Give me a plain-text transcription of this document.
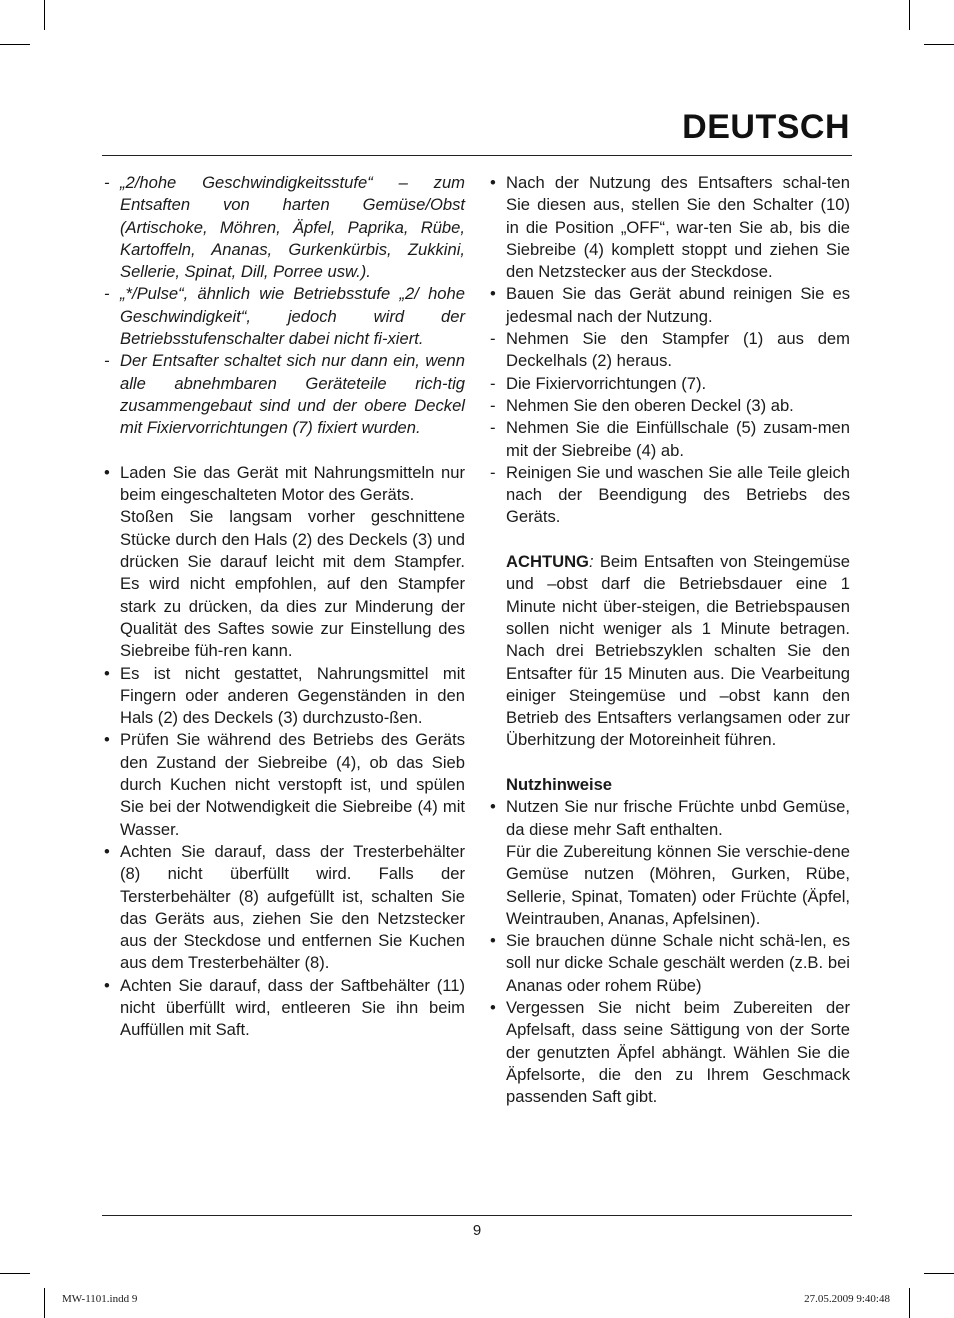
DEUTSCH
- „2/hohe Geschwindigkeitsstufe“ – zum Entsaften von harten Gemüse/Obst (Artischoke, Möhren, Äpfel, Paprika, Rübe, Kartoffeln, Ananas, Gurkenkürbis, Zukkini, Sellerie, Spinat, Dill, Porree usw.).

- „*/Pulse“, ähnlich wie Betriebsstufe „2/ hohe Geschwindigkeit“, jedoch wird der Betriebsstufenschalter dabei nicht fi-xiert.

- Der Entsafter schaltet sich nur dann ein, wenn alle abnehmbaren Geräteteile rich-tig zusammengebaut sind und der obere Deckel mit Fixiervorrichtungen (7) fixiert wurden.

• Laden Sie das Gerät mit Nahrungsmitteln nur beim eingeschalteten Motor des Geräts.

Stoßen Sie langsam vorher geschnittene Stücke durch den Hals (2) des Deckels (3) und drücken Sie darauf leicht mit dem Stampfer. Es wird nicht empfohlen, auf den Stampfer stark zu drücken, da dies zur Minderung der Qualität des Saftes sowie zur Einstellung des Siebreibe füh-ren kann.

• Es ist nicht gestattet, Nahrungsmittel mit Fingern oder anderen Gegenständen in den Hals (2) des Deckels (3) durchzusto-ßen.

• Prüfen Sie während des Betriebs des Geräts den Zustand der Siebreibe (4), ob das Sieb durch Kuchen nicht verstopft ist, und spülen Sie bei der Notwendigkeit die Siebreibe (4) mit Wasser.

• Achten Sie darauf, dass der Tresterbehälter (8) nicht überfüllt wird. Falls der Tersterbehälter (8) aufgefüllt ist, schalten Sie das Geräts aus, ziehen Sie den Netzstecker aus der Steckdose und entfernen Sie Kuchen aus dem Tresterbehälter (8).

• Achten Sie darauf, dass der Saftbehälter (11) nicht überfüllt wird, entleeren Sie ihn beim Auffüllen mit Saft.

• Nach der Nutzung des Entsafters schal-ten Sie diesen aus, stellen Sie den Schalter (10) in die Position „OFF“, war-ten Sie ab, bis die Siebreibe (4) komplett stoppt und ziehen Sie den Netzstecker aus der Steckdose.

• Bauen Sie das Gerät abund reinigen Sie es jedesmal nach der Nutzung.

- Nehmen Sie den Stampfer (1) aus dem Deckelhals (2) heraus.

- Die Fixiervorrichtungen (7).

- Nehmen Sie den oberen Deckel (3) ab.

- Nehmen Sie die Einfüllschale (5) zusam-men mit der Siebreibe (4) ab.

- Reinigen Sie und waschen Sie alle Teile gleich nach der Beendigung des Betriebs des Geräts.

ACHTUNG: Beim Entsaften von Steingemüse und –obst darf die Betriebsdauer eine 1 Minute nicht über-steigen, die Betriebspausen sollen nicht weniger als 1 Minute betragen. Nach drei Betriebszyklen schalten Sie den Entsafter für 15 Minuten aus. Die Vearbeitung einiger Steingemüse und –obst kann den Betrieb des Entsafters verlangsamen oder zur Überhitzung der Motoreinheit führen.

Nutzhinweise

• Nutzen Sie nur frische Früchte unbd Gemüse, da diese mehr Saft enthalten.

Für die Zubereitung können Sie verschie-dene Gemüse nutzen (Möhren, Gurken, Rübe, Sellerie, Spinat, Tomaten) oder Früchte (Äpfel, Weintrauben, Ananas, Apfelsinen).

• Sie brauchen dünne Schale nicht schä-len, es soll nur dicke Schale geschält werden (z.B. bei Ananas oder rohem Rübe)

• Vergessen Sie nicht beim Zubereiten der Apfelsaft, dass seine Sättigung von der Sorte der genutzten Äpfel abhängt. Wählen Sie die Äpfelsorte, die den zu Ihrem Geschmack passenden Saft gibt.

9
MW-1101.indd 9	27.05.2009 9:40:48
